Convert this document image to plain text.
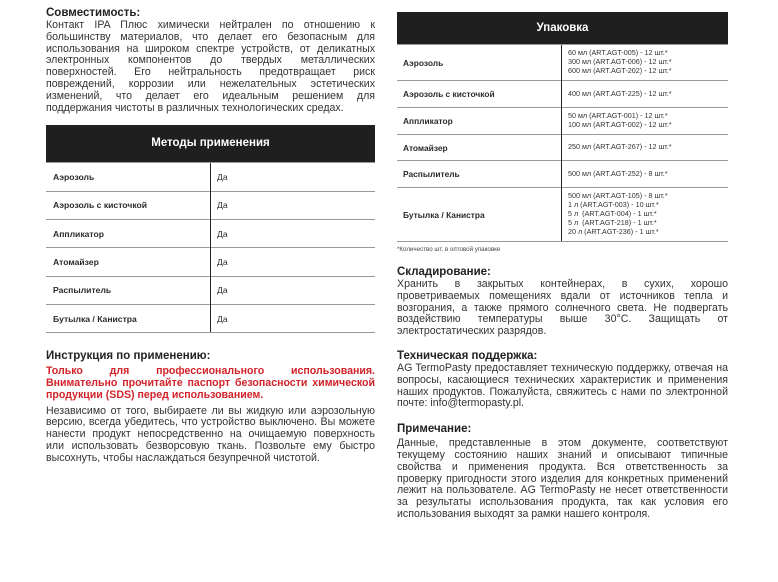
Совместимость:

Контакт IPA Плюс химически нейтрален по отношению к большинству материалов, что делает его безопасным для использования на широком спектре устройств, от деликатных электронных компонентов до твердых металлических поверхностей. Его нейтральность предотвращает риск повреждений, коррозии или нежелательных эстетических изменений, что делает его идеальным решением для поддержания чистоты в различных технологических средах.

Методы применения
Аэрозоль	Да
Аэрозоль с кисточкой	Да
Аппликатор	Да
Атомайзер	Да
Распылитель	Да
Бутылка / Канистра	Да
Инструкция по применению:

Только для профессионального использования. Внимательно прочитайте паспорт безопасности химической продукции (SDS) перед использованием.

Независимо от того, выбираете ли вы жидкую или аэрозольную версию, всегда убедитесь, что устройство выключено. Вы можете нанести продукт непосредственно на очищаемую поверхность или использовать безворсовую ткань. Позвольте ему быстро высохнуть, чтобы наслаждаться безупречной чистотой.

Упаковка
Аэрозоль	60 мл (ART.AGT-005) - 12 шт.*
300 мл (ART.AGT-006) - 12 шт.*
600 мл (ART.AGT-202) - 12 шт.*

Аэрозоль с кисточкой	400 мл (ART.AGT-225) - 12 шт.*

Аппликатор	50 мл (ART.AGT-001) - 12 шт.*
100 мл (ART.AGT-002) - 12 шт.*

Атомайзер	250 мл (ART.AGT-267) - 12 шт.*

Распылитель	500 мл (ART.AGT-252) - 8 шт.*

Бутылка / Канистра	500 мл (ART.AGT-105) - 8 шт.*
1 л (ART.AGT-003) - 10 шт.*
5 л  (ART.AGT-004) - 1 шт.*
5 л  (ART.AGT-218) - 1 шт.*
20 л (ART.AGT-236) - 1 шт.*
*Количество шт. в оптовой упаковке
Складирование:

Хранить в закрытых контейнерах, в сухих, хорошо проветриваемых помещениях вдали от источников тепла и возгорания, а также прямого солнечного света. Не подвергать воздействию температуры выше 30°C. Защищать от электростатических разрядов.

Техническая поддержка:

AG TermoPasty предоставляет техническую поддержку, отвечая на вопросы, касающиеся технических характеристик и применения наших продуктов. Пожалуйста, свяжитесь с нами по электронной почте: info@termopasty.pl.

Примечание:

Данные, представленные в этом документе, соответствуют текущему состоянию наших знаний и описывают типичные свойства и применения продукта. Вся ответственность за проверку пригодности этого изделия для конкретных применений лежит на пользователе. AG TermoPasty не несет ответственности за результаты использования продукта, так как условия его использования выходят за рамки нашего контроля.
